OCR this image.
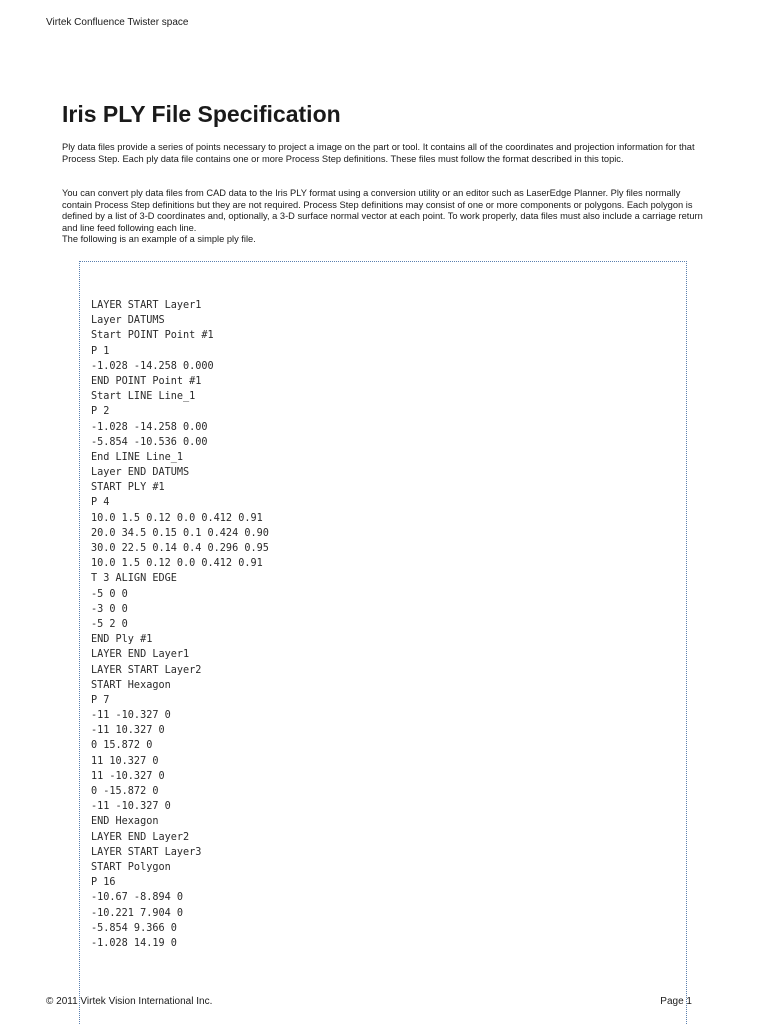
Virtek Confluence Twister space
Iris PLY File Specification

Ply data files provide a series of points necessary to project a image on the part or tool. It contains all of the coordinates and projection information for that Process Step. Each ply data file contains one or more Process Step definitions. These files must follow the format described in this topic.

You can convert ply data files from CAD data to the Iris PLY format using a conversion utility or an editor such as LaserEdge Planner. Ply files normally contain Process Step definitions but they are not required. Process Step definitions may consist of one or more components or polygons. Each polygon is defined by a list of 3-D coordinates and, optionally, a 3-D surface normal vector at each point. To work properly, data files must also include a carriage return and line feed following each line.
The following is an example of a simple ply file.
LAYER START Layer1
Layer DATUMS
Start POINT Point #1
P 1
-1.028 -14.258 0.000
END POINT Point #1
Start LINE Line_1
P 2
-1.028 -14.258 0.00
-5.854 -10.536 0.00
End LINE Line_1
Layer END DATUMS
START PLY #1
P 4
10.0 1.5 0.12 0.0 0.412 0.91
20.0 34.5 0.15 0.1 0.424 0.90
30.0 22.5 0.14 0.4 0.296 0.95
10.0 1.5 0.12 0.0 0.412 0.91
T 3 ALIGN EDGE
-5 0 0
-3 0 0
-5 2 0
END Ply #1
LAYER END Layer1
LAYER START Layer2
START Hexagon
P 7
-11 -10.327 0
-11 10.327 0
0 15.872 0
11 10.327 0
11 -10.327 0
0 -15.872 0
-11 -10.327 0
END Hexagon
LAYER END Layer2
LAYER START Layer3
START Polygon
P 16
-10.67 -8.894 0
-10.221 7.904 0
-5.854 9.366 0
-1.028 14.19 0
© 2011 Virtek Vision International Inc.	Page 1
